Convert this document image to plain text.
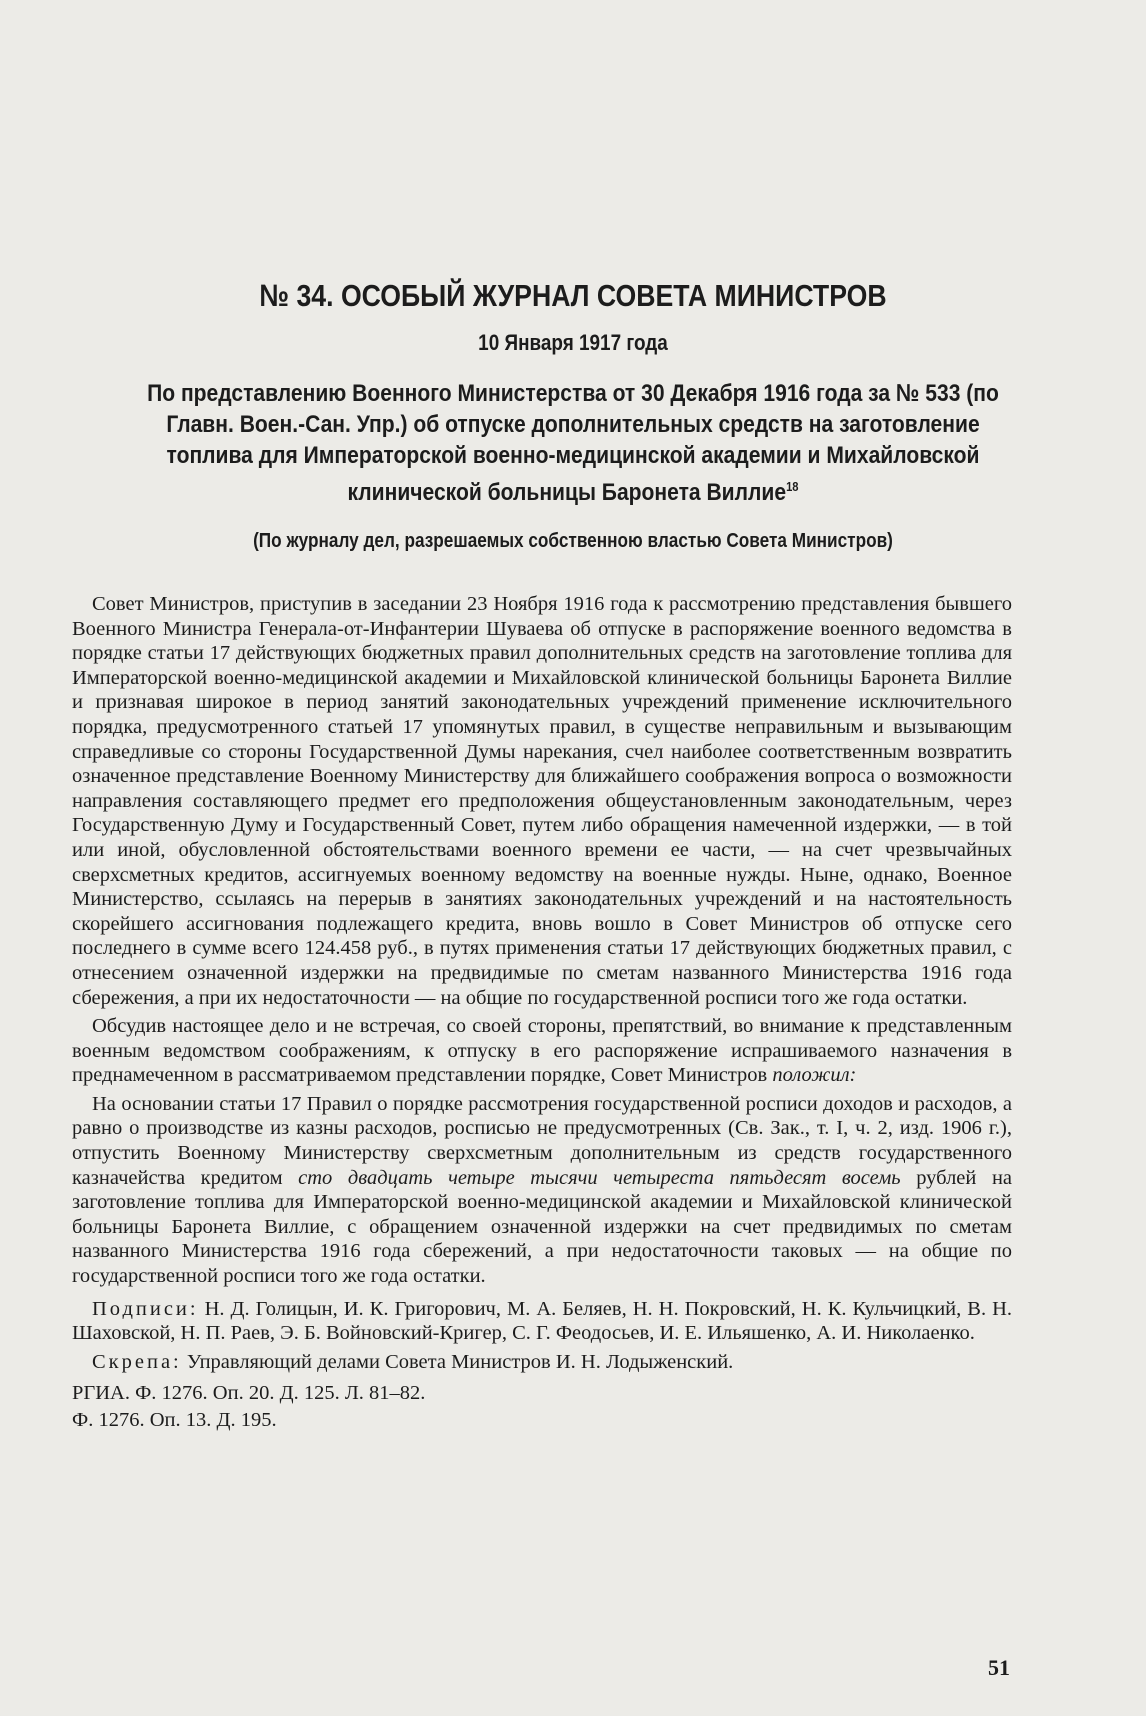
№ 34. ОСОБЫЙ ЖУРНАЛ СОВЕТА МИНИСТРОВ
10 Января 1917 года
По представлению Военного Министерства от 30 Декабря 1916 года за № 533 (по Главн. Воен.-Сан. Упр.) об отпуске дополнительных средств на заготовление топлива для Императорской военно-медицинской академии и Михайловской клинической больницы Баронета Виллие$^{18}$
(По журналу дел, разрешаемых собственною властью Совета Министров)

Совет Министров, приступив в заседании 23 Ноября 1916 года к рассмотрению представления бывшего Военного Министра Генерала-от-Инфантерии Шуваева об отпуске в распоряжение военного ведомства в порядке статьи 17 действующих бюджетных правил дополнительных средств на заготовление топлива для Императорской военно-медицинской академии и Михайловской клинической больницы Баронета Виллие и признавая широкое в период занятий законодательных учреждений применение исключительного порядка, предусмотренного статьей 17 упомянутых правил, в существе неправильным и вызывающим справедливые со стороны Государственной Думы нарекания, счел наиболее соответственным возвратить означенное представление Военному Министерству для ближайшего соображения вопроса о возможности направления составляющего предмет его предположения общеустановленным законодательным, через Государственную Думу и Государственный Совет, путем либо обращения намеченной издержки, — в той или иной, обусловленной обстоятельствами военного времени ее части, — на счет чрезвычайных сверхсметных кредитов, ассигнуемых военному ведомству на военные нужды. Ныне, однако, Военное Министерство, ссылаясь на перерыв в занятиях законодательных учреждений и на настоятельность скорейшего ассигнования подлежащего кредита, вновь вошло в Совет Министров об отпуске сего последнего в сумме всего 124.458 руб., в путях применения статьи 17 действующих бюджетных правил, с отнесением означенной издержки на предвидимые по сметам названного Министерства 1916 года сбережения, а при их недостаточности — на общие по государственной росписи того же года остатки.

Обсудив настоящее дело и не встречая, со своей стороны, препятствий, во внимание к представленным военным ведомством соображениям, к отпуску в его распоряжение испрашиваемого назначения в преднамеченном в рассматриваемом представлении порядке, Совет Министров положил:

На основании статьи 17 Правил о порядке рассмотрения государственной росписи доходов и расходов, а равно о производстве из казны расходов, росписью не предусмотренных (Св. Зак., т. I, ч. 2, изд. 1906 г.), отпустить Военному Министерству сверхсметным дополнительным из средств государственного казначейства кредитом сто двадцать четыре тысячи четыреста пятьдесят восемь рублей на заготовление топлива для Императорской военно-медицинской академии и Михайловской клинической больницы Баронета Виллие, с обращением означенной издержки на счет предвидимых по сметам названного Министерства 1916 года сбережений, а при недостаточности таковых — на общие по государственной росписи того же года остатки.

Подписи: Н. Д. Голицын, И. К. Григорович, М. А. Беляев, Н. Н. Покровский, Н. К. Кульчицкий, В. Н. Шаховской, Н. П. Раев, Э. Б. Войновский-Кригер, С. Г. Феодосьев, И. Е. Ильяшенко, А. И. Николаенко.

Скрепа: Управляющий делами Совета Министров И. Н. Лодыженский.

РГИА. Ф. 1276. Оп. 20. Д. 125. Л. 81–82.
Ф. 1276. Оп. 13. Д. 195.
51
